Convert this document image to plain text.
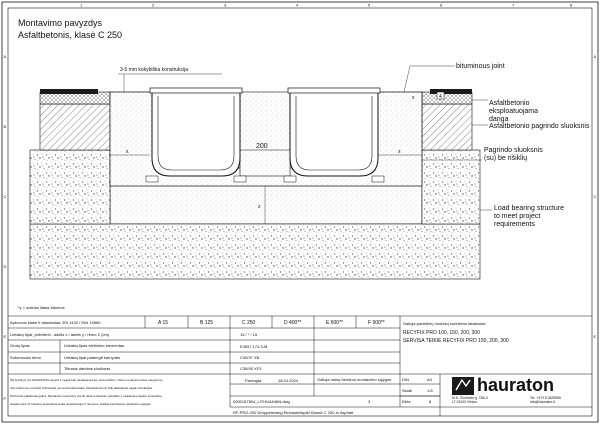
1	2	3	4	5	6	7	8
A
B
C
D
E
F
A
C
E
Montavimo pavyzdys
Asfaltbetonis, klasė C 250
200
x	x
z
x	4
3-5 mm kokybiška konstrukcija	bituminous joint
Asfaltbetonio eksploatuojama danga
Asfaltbetonio pagrindo sluoksnis
Pagrindo sluoksnis (su) be rišiklių
Load bearing structure to meet project requirements
*y = sutirtos liatas bitumos
Apkrovos klasė ir standartas: EN 1433 / DIN 19580	A 15	B 125	C 250	D 400**	E 600**	F 900**
Lietakių tipai, pritvirtinti - ašelis x / ašelis y / rėmo Z (cm)	15 / * / 15
Grotų tipas	Lietakių tipas tvirtinimo elementas	E3557.174.3-M
Suformuota rėmo	Lietakių tipai padengti šarnyrais	C30/37 XB
Tikrasis darbinis sluoksnis	C35/45 XF3
Galioja paviršinių nuotekų surinkimo latakiams:
RECYFIX PRO 100, 150, 200, 300
SERVISA TEIKIE RECYFIX PRO 150, 200, 300
Parengta	18.04.2024	Galioja mūsų bendros montavimo sąlygos
0000157804_LITHUANIAN.dwg	3
DIN	A4
Skalė	1:8
Eilės	8
RF-PRO-200 Droppelstrang Einbaubeispiel Klasse C 250 in Asphalt
Šis brėžinys yra HAURATON savybė ir negali būti naudojamas be mūsų leidimo. Visos nurodytos teisės saugomos.
Visi matmenys nurodyti milimetrais, jei nenurodyta kitaip. Montavimas turi būti atliekamas pagal instrukcijas.
Techniniai pakeitimai galimi. Montavimo pavyzdys yra tik rekomendacinio pobūdžio ir neatstoja projekto sprendinių.
Atsakomybė už tinkamą sprendimą tenka projektuotojui ir rangovui. Galioja bendrosios pardavimo sąlygos.
hauraton
M.K. Čiurlionio g. 78A-3
LT-03100 Vilnius
Tel. +370 5 2625556
info@hauraton.lt
